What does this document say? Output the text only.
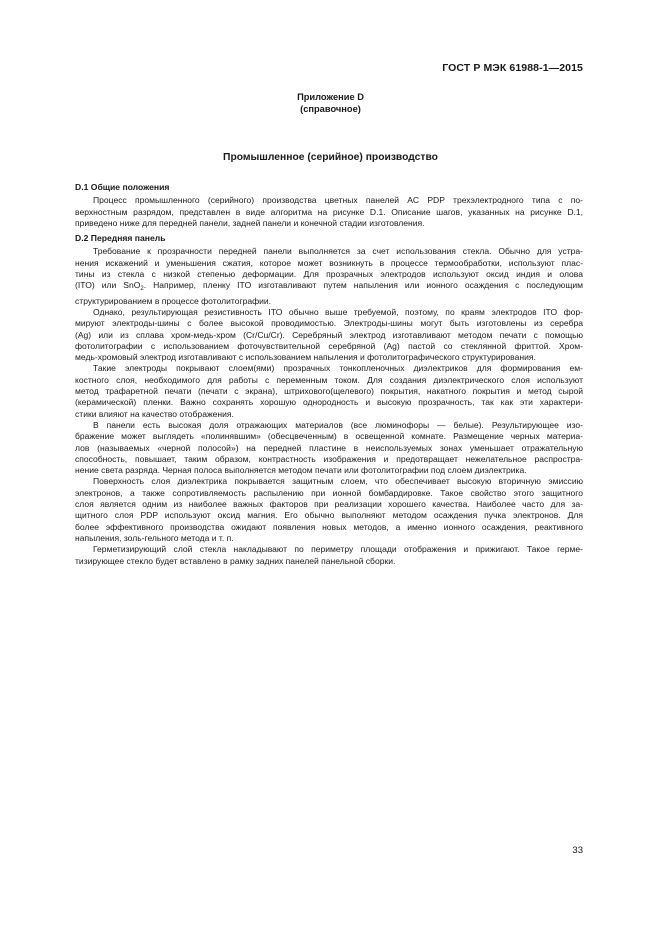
ГОСТ Р МЭК 61988-1—2015
Приложение D
(справочное)
Промышленное (серийное) производство
D.1 Общие положения
Процесс промышленного (серийного) производства цветных панелей AC PDP трехэлектродного типа с по-
верхностным разрядом, представлен в виде алгоритма на рисунке D.1. Описание шагов, указанных на рисунке D.1,
приведено ниже для передней панели, задней панели и конечной стадии изготовления.
D.2 Передняя панель
Требование к прозрачности передней панели выполняется за счет использования стекла. Обычно для устра-
нения искажений и уменьшения сжатия, которое может возникнуть в процессе термообработки, используют плас-
тины из стекла с низкой степенью деформации. Для прозрачных электродов используют оксид индия и олова
(ITO) или SnO$_2$. Например, пленку ITO изготавливают путем напыления или ионного осаждения с последующим
структурированием в процессе фотолитографии.
Однако, результирующая резистивность ITO обычно выше требуемой, поэтому, по краям электродов ITO фор-
мируют электроды-шины с более высокой проводимостью. Электроды-шины могут быть изготовлены из серебра
(Ag) или из сплава хром-медь-хром (Cr/Cu/Cr). Серебряный электрод изготавливают методом печати с помощью
фотолитографии с использованием фоточувствительной серебряной (Ag) пастой со стеклянной фриттой. Хром-
медь-хромовый электрод изготавливают с использованием напыления и фотолитографического структурирования.
Такие электроды покрывают слоем(ями) прозрачных тонкопленочных диэлектриков для формирования ем-
костного слоя, необходимого для работы с переменным током. Для создания диэлектрического слоя используют
метод трафаретной печати (печати с экрана), штрихового(щелевого) покрытия, накатного покрытия и метод сырой
(керамической) пленки. Важно сохранять хорошую однородность и высокую прозрачность, так как эти характери-
стики влияют на качество отображения.
В панели есть высокая доля отражающих материалов (все люминофоры — белые). Результирующее изо-
бражение может выглядеть «полинявшим» (обесцвеченным) в освещенной комнате. Размещение черных материа-
лов (называемых «черной полосой») на передней пластине в неиспользуемых зонах уменьшает отражательную
способность, повышает, таким образом, контрастность изображения и предотвращает нежелательное распростра-
нение света разряда. Черная полоса выполняется методом печати или фотолитографии под слоем диэлектрика.
Поверхность слоя диэлектрика покрывается защитным слоем, что обеспечивает высокую вторичную эмиссию
электронов, а также сопротивляемость распылению при ионной бомбардировке. Такое свойство этого защитного
слоя является одним из наиболее важных факторов при реализации хорошего качества. Наиболее часто для за-
щитного слоя PDP используют оксид магния. Его обычно выполняют методом осаждения пучка электронов. Для
более эффективного производства ожидают появления новых методов, а именно ионного осаждения, реактивного
напыления, золь-гельного метода и т. п.
Герметизирующий слой стекла накладывают по периметру площади отображения и прижигают. Такое герме-
тизирующее стекло будет вставлено в рамку задних панелей панельной сборки.
33
